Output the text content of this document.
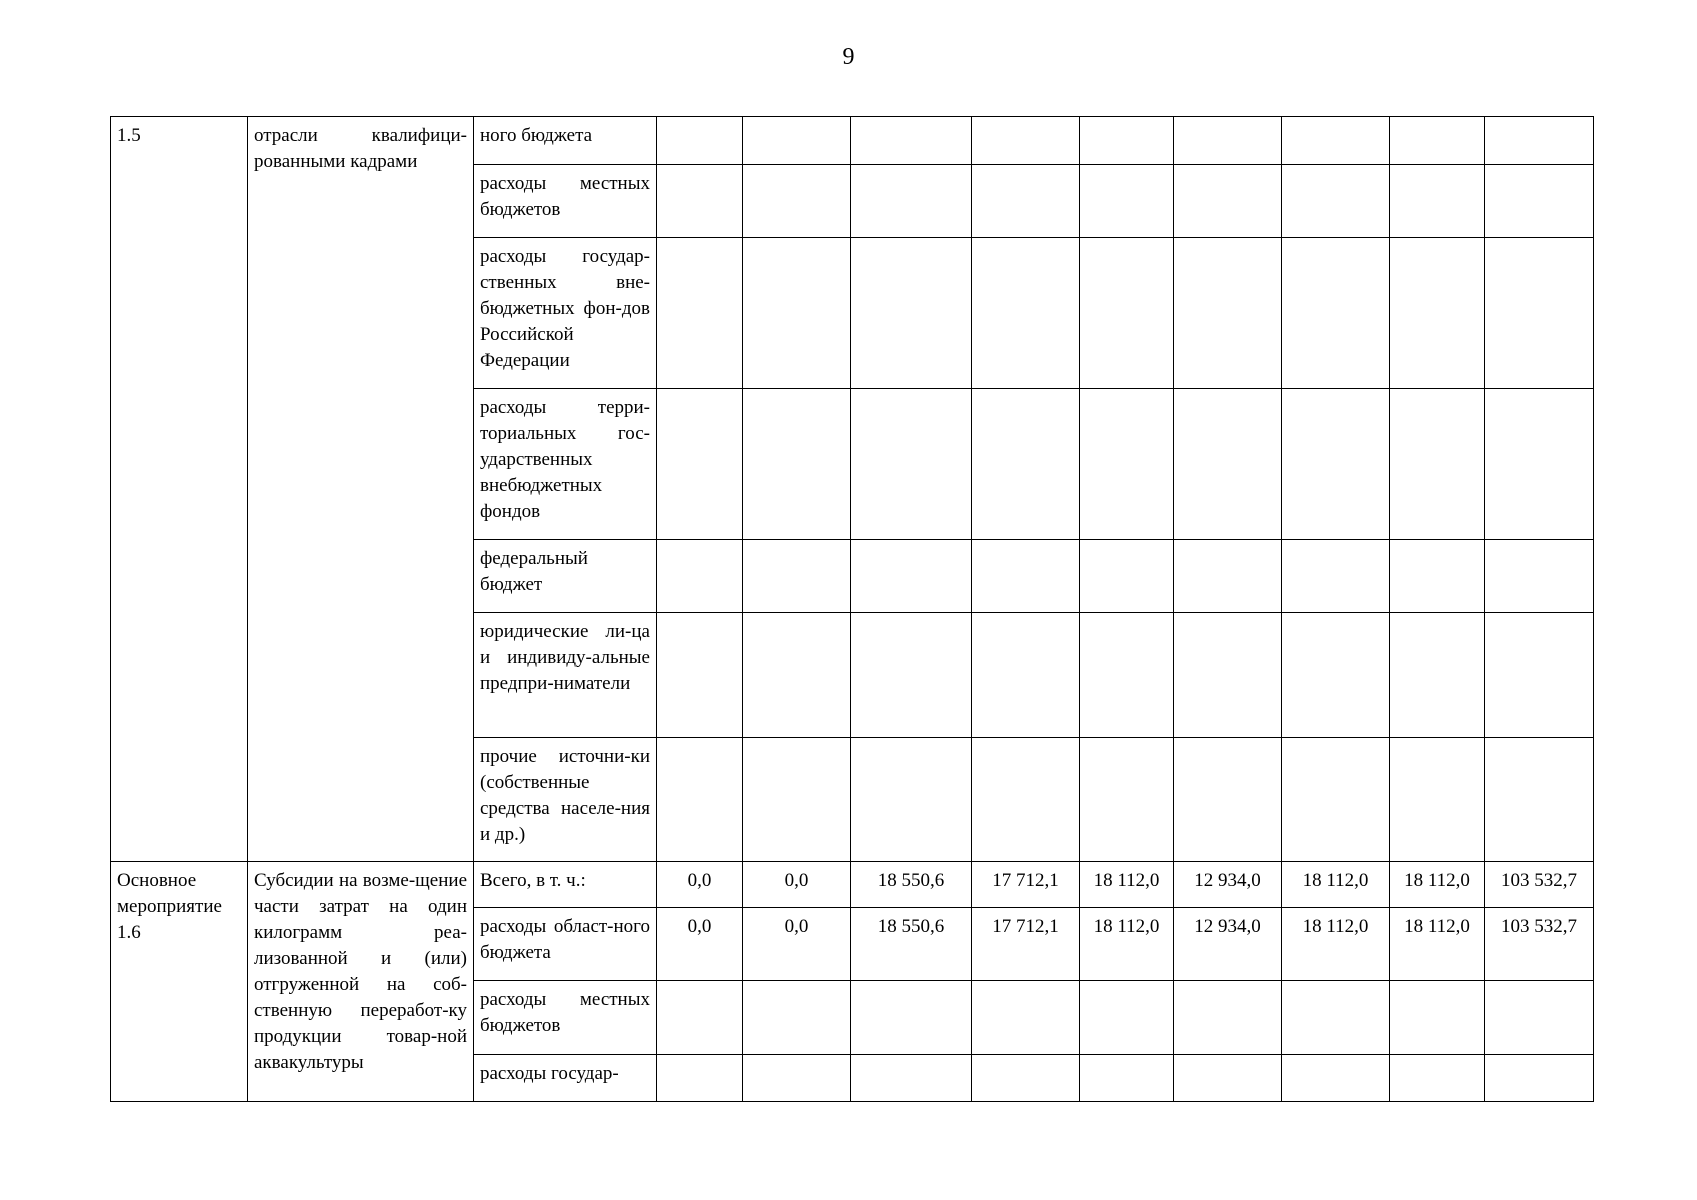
9
1.5	отрасли квалифици-рованными кадрами	ного бюджета									
		расходы местных бюджетов									
		расходы государ-ственных вне-бюджетных фон-дов Российской Федерации									
		расходы терри-ториальных гос-ударственных внебюджетных фондов									
		федеральный бюджет									
		юридические ли-ца и индивиду-альные предпри-ниматели									
		прочие источни-ки (собственные средства населе-ния и др.)									
Основное мероприятие 1.6	Субсидии на возме-щение части затрат на один килограмм реа-лизованной и (или) отгруженной на соб-ственную переработ-ку продукции товар-ной аквакультуры	Всего, в т. ч.:	0,0	0,0	18 550,6	17 712,1	18 112,0	12 934,0	18 112,0	18 112,0	103 532,7
		расходы област-ного бюджета	0,0	0,0	18 550,6	17 712,1	18 112,0	12 934,0	18 112,0	18 112,0	103 532,7
		расходы местных бюджетов									
		расходы государ-									
